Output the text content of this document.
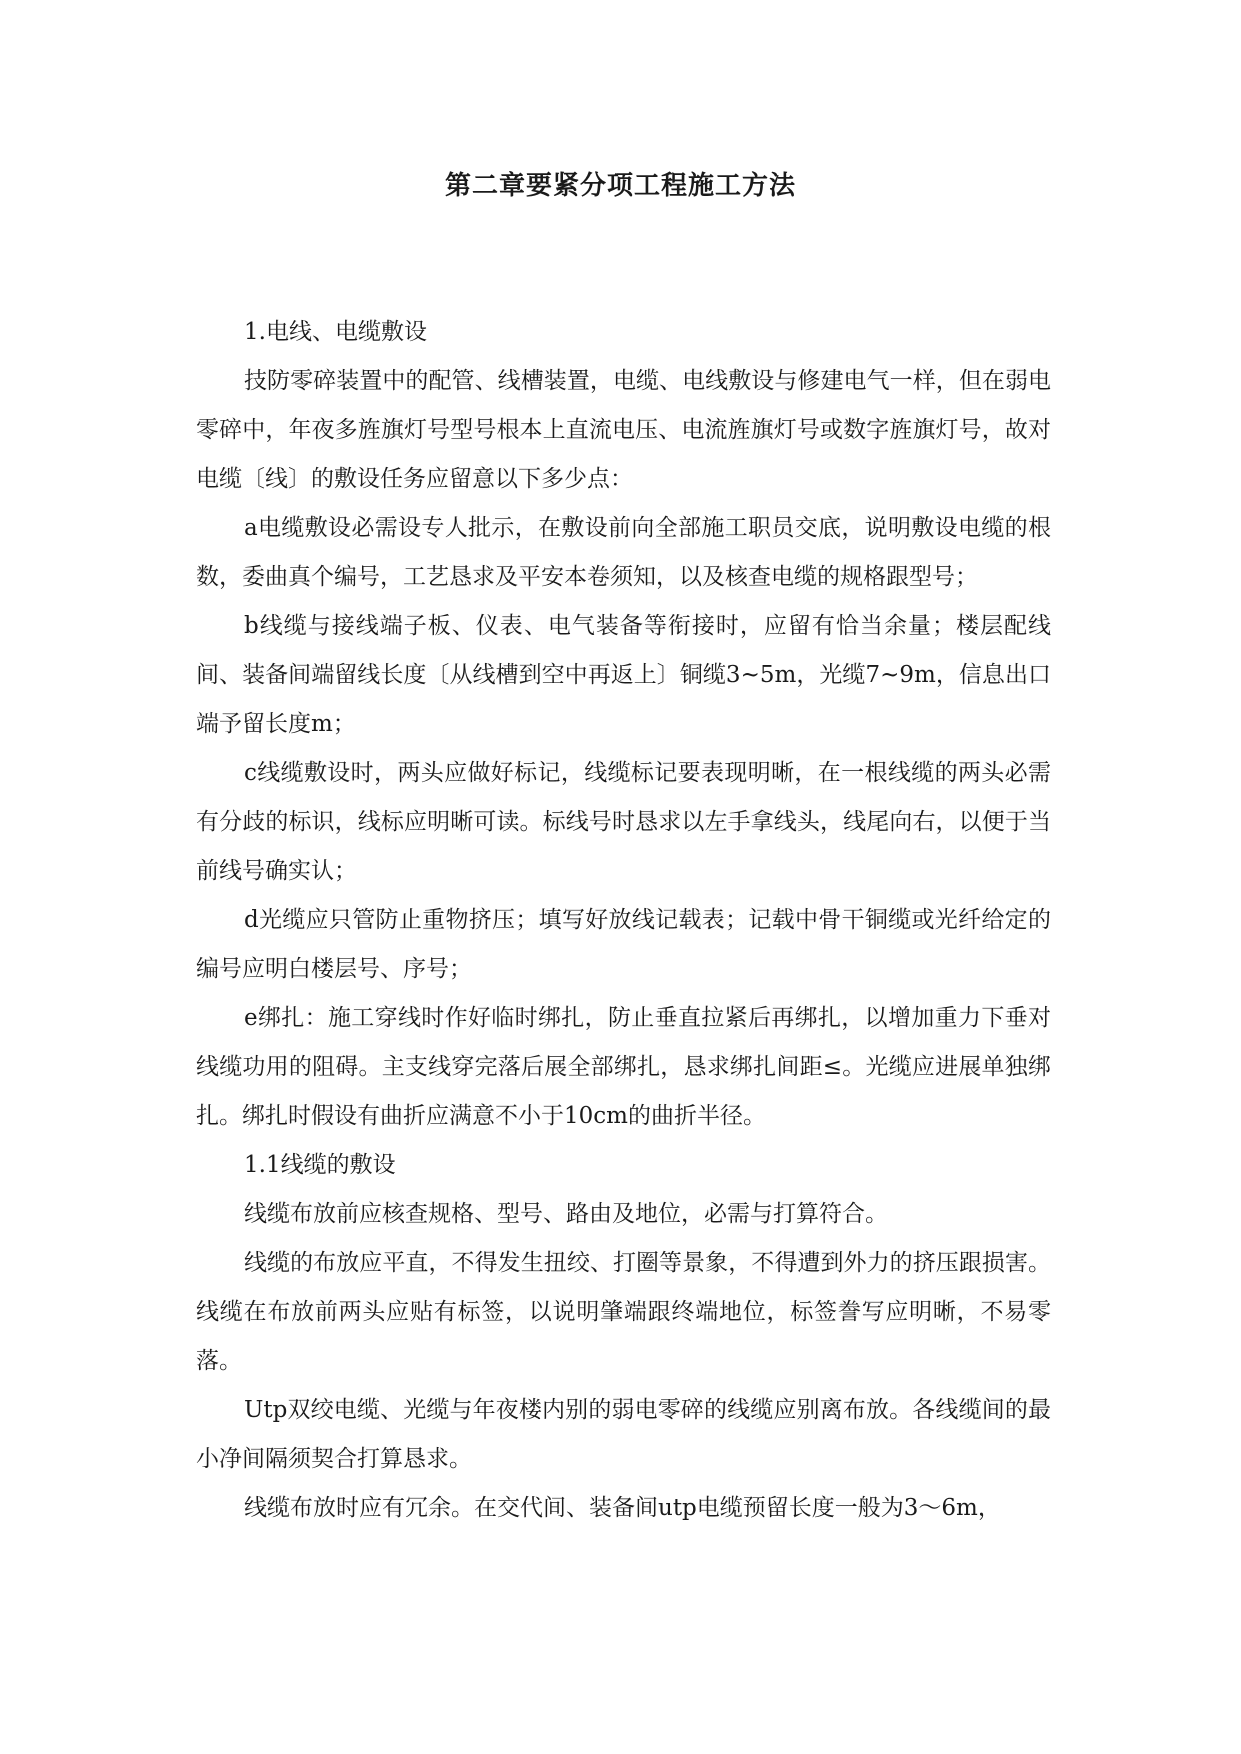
第二章要紧分项工程施工方法

1.电线、电缆敷设

技防零碎装置中的配管、线槽装置，电缆、电线敷设与修建电气一样，但在弱电零碎中，年夜多旌旗灯号型号根本上直流电压、电流旌旗灯号或数字旌旗灯号，故对电缆〔线〕的敷设任务应留意以下多少点：

a电缆敷设必需设专人批示，在敷设前向全部施工职员交底，说明敷设电缆的根数，委曲真个编号，工艺恳求及平安本卷须知，以及核查电缆的规格跟型号；

b线缆与接线端子板、仪表、电气装备等衔接时，应留有恰当余量；楼层配线间、装备间端留线长度〔从线槽到空中再返上〕铜缆3~5m，光缆7~9m，信息出口端予留长度m；

c线缆敷设时，两头应做好标记，线缆标记要表现明晰，在一根线缆的两头必需有分歧的标识，线标应明晰可读。标线号时恳求以左手拿线头，线尾向右，以便于当前线号确实认；

d光缆应只管防止重物挤压；填写好放线记载表；记载中骨干铜缆或光纤给定的编号应明白楼层号、序号；

e绑扎：施工穿线时作好临时绑扎，防止垂直拉紧后再绑扎，以增加重力下垂对线缆功用的阻碍。主支线穿完落后展全部绑扎，恳求绑扎间距≤。光缆应进展单独绑扎。绑扎时假设有曲折应满意不小于10cm的曲折半径。

1.1线缆的敷设

线缆布放前应核查规格、型号、路由及地位，必需与打算符合。

线缆的布放应平直，不得发生扭绞、打圈等景象，不得遭到外力的挤压跟损害。线缆在布放前两头应贴有标签，以说明肇端跟终端地位，标签誊写应明晰，不易零落。

Utp双绞电缆、光缆与年夜楼内别的弱电零碎的线缆应别离布放。各线缆间的最小净间隔须契合打算恳求。

线缆布放时应有冗余。在交代间、装备间utp电缆预留长度一般为3～6m，
